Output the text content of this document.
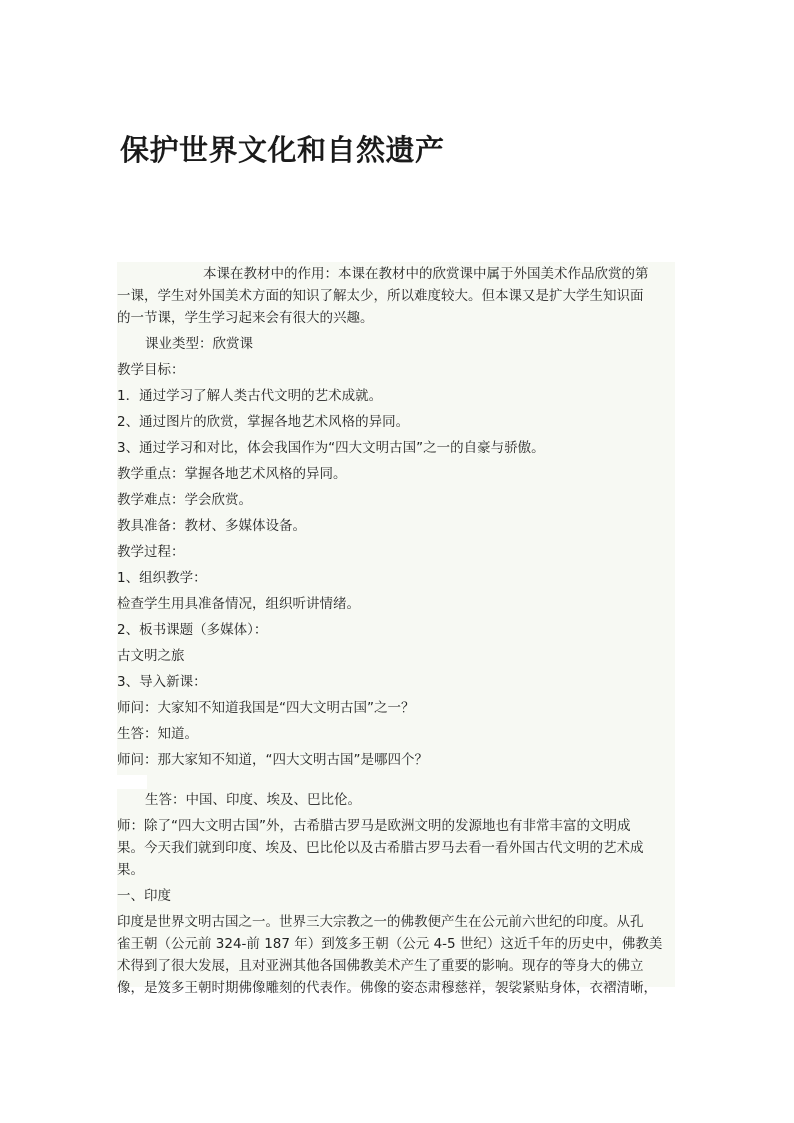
保护世界文化和自然遗产

本课在教材中的作用：本课在教材中的欣赏课中属于外国美术作品欣赏的第

一课，学生对外国美术方面的知识了解太少，所以难度较大。但本课又是扩大学生知识面

的一节课，学生学习起来会有很大的兴趣。

课业类型：欣赏课

教学目标：

1．通过学习了解人类古代文明的艺术成就。

2、通过图片的欣赏，掌握各地艺术风格的异同。

3、通过学习和对比，体会我国作为“四大文明古国”之一的自豪与骄傲。

教学重点：掌握各地艺术风格的异同。

教学难点：学会欣赏。

教具准备：教材、多媒体设备。

教学过程：

1、组织教学：

检查学生用具准备情况，组织听讲情绪。

2、板书课题（多媒体）：

古文明之旅

3、导入新课：

师问：大家知不知道我国是“四大文明古国”之一？

生答：知道。

师问：那大家知不知道，“四大文明古国”是哪四个？

生答：中国、印度、埃及、巴比伦。

师：除了“四大文明古国”外，古希腊古罗马是欧洲文明的发源地也有非常丰富的文明成

果。今天我们就到印度、埃及、巴比伦以及古希腊古罗马去看一看外国古代文明的艺术成

果。

一、印度

印度是世界文明古国之一。世界三大宗教之一的佛教便产生在公元前六世纪的印度。从孔

雀王朝（公元前 324-前 187 年）到笈多王朝（公元 4-5 世纪）这近千年的历史中，佛教美

术得到了很大发展，且对亚洲其他各国佛教美术产生了重要的影响。现存的等身大的佛立

像，是笈多王朝时期佛像雕刻的代表作。佛像的姿态肃穆慈祥，袈裟紧贴身体，衣褶清晰，
